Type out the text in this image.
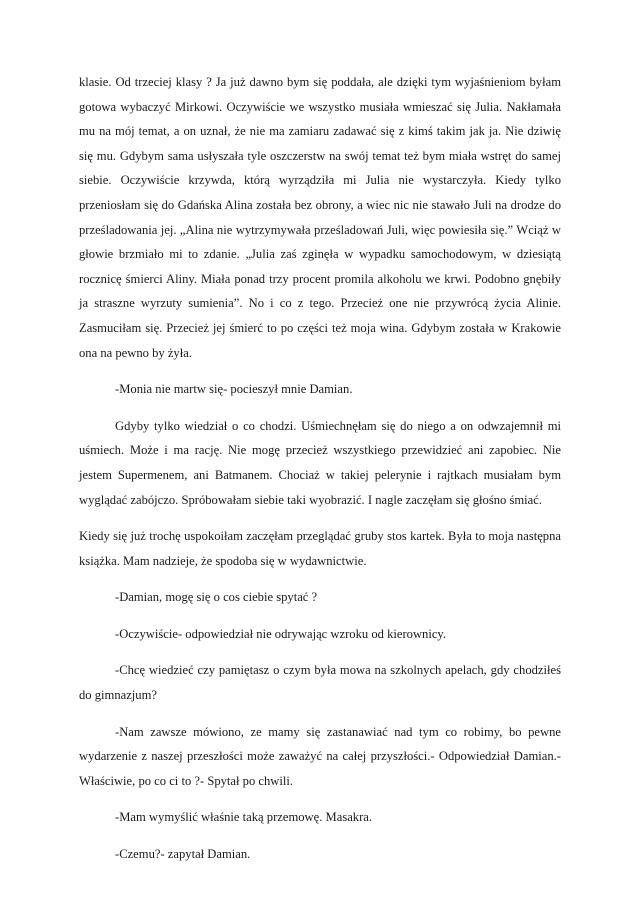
klasie. Od trzeciej klasy ? Ja już dawno bym się poddała, ale dzięki tym wyjaśnieniom byłam gotowa wybaczyć Mirkowi. Oczywiście we wszystko musiała wmieszać się Julia. Nakłamała mu na mój temat, a on uznał, że nie ma zamiaru zadawać się z kimś takim jak ja. Nie dziwię się mu. Gdybym sama usłyszała tyle oszczerstw na swój temat też bym miała wstręt do samej siebie. Oczywiście krzywda, którą wyrządziła mi Julia nie wystarczyła. Kiedy tylko przeniosłam się do Gdańska Alina została bez obrony, a wiec nic nie stawało Juli na drodze do prześladowania jej. „Alina nie wytrzymywała prześladowań Juli, więc powiesiła się.” Wciąż w głowie brzmiało mi to zdanie. „Julia zaś zginęła w wypadku samochodowym, w dziesiątą rocznicę śmierci Aliny. Miała ponad trzy procent promila alkoholu we krwi. Podobno gnębiły ja straszne wyrzuty sumienia”. No i co z tego. Przecież one nie przywrócą życia Alinie. Zasmuciłam się. Przecież jej śmierć to po części też moja wina. Gdybym została w Krakowie ona na pewno by żyła.

-Monia nie martw się- pocieszył mnie Damian.

Gdyby tylko wiedział o co chodzi. Uśmiechnęłam się do niego a on odwzajemnił mi uśmiech. Może i ma rację. Nie mogę przecież wszystkiego przewidzieć ani zapobiec. Nie jestem Supermenem, ani Batmanem. Chociaż w takiej pelerynie i rajtkach musiałam bym wyglądać zabójczo. Spróbowałam siebie taki wyobrazić. I nagle zaczęłam się głośno śmiać.

Kiedy się już trochę uspokoiłam zaczęłam przeglądać gruby stos kartek. Była to moja następna książka. Mam nadzieje, że spodoba się w wydawnictwie.

-Damian, mogę się o cos ciebie spytać ?

-Oczywiście- odpowiedział nie odrywając wzroku od kierownicy.

-Chcę wiedzieć czy pamiętasz o czym była mowa na szkolnych apelach, gdy chodziłeś do gimnazjum?

-Nam zawsze mówiono, ze mamy się zastanawiać nad tym co robimy, bo pewne wydarzenie z naszej przeszłości może zaważyć na całej przyszłości.- Odpowiedział Damian.- Właściwie, po co ci to ?- Spytał po chwili.

-Mam wymyślić właśnie taką przemowę. Masakra.

-Czemu?- zapytał Damian.
